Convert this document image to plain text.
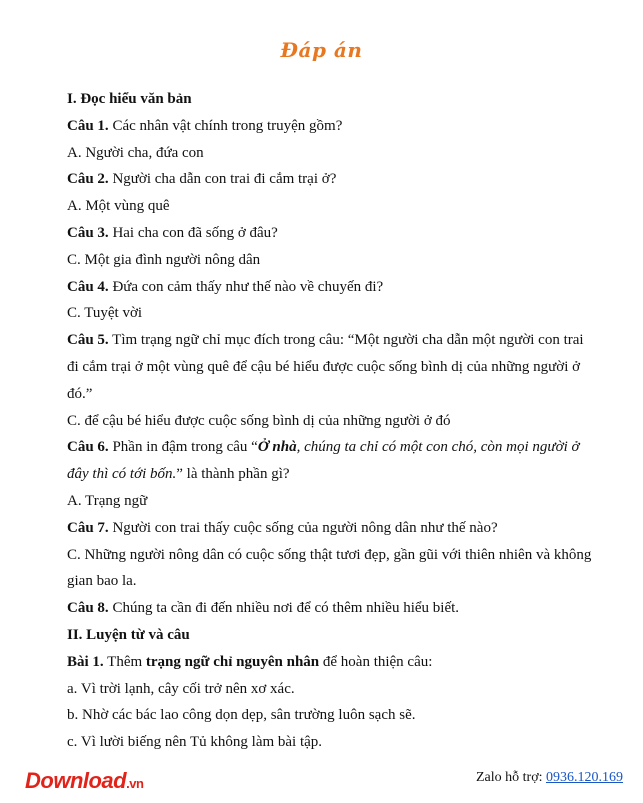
Đáp án
I. Đọc hiểu văn bản
Câu 1. Các nhân vật chính trong truyện gồm?
A. Người cha, đứa con
Câu 2. Người cha dẫn con trai đi cắm trại ở?
A. Một vùng quê
Câu 3. Hai cha con đã sống ở đâu?
C. Một gia đình người nông dân
Câu 4. Đứa con cảm thấy như thế nào về chuyến đi?
C. Tuyệt vời
Câu 5. Tìm trạng ngữ chỉ mục đích trong câu: “Một người cha dẫn một người con trai đi cắm trại ở một vùng quê để cậu bé hiểu được cuộc sống bình dị của những người ở đó.”
C. để cậu bé hiểu được cuộc sống bình dị của những người ở đó
Câu 6. Phần in đậm trong câu “Ở nhà, chúng ta chỉ có một con chó, còn mọi người ở đây thì có tới bốn.” là thành phần gì?
A. Trạng ngữ
Câu 7. Người con trai thấy cuộc sống của người nông dân như thế nào?
C. Những người nông dân có cuộc sống thật tươi đẹp, gần gũi với thiên nhiên và không gian bao la.
Câu 8. Chúng ta cần đi đến nhiều nơi để có thêm nhiều hiểu biết.
II. Luyện từ và câu
Bài 1. Thêm trạng ngữ chỉ nguyên nhân để hoàn thiện câu:
a. Vì trời lạnh, cây cối trở nên xơ xác.
b. Nhờ các bác lao công dọn dẹp, sân trường luôn sạch sẽ.
c. Vì lười biếng nên Tủ không làm bài tập.
Download.vn	Zalo hỗ trợ: 0936.120.169
